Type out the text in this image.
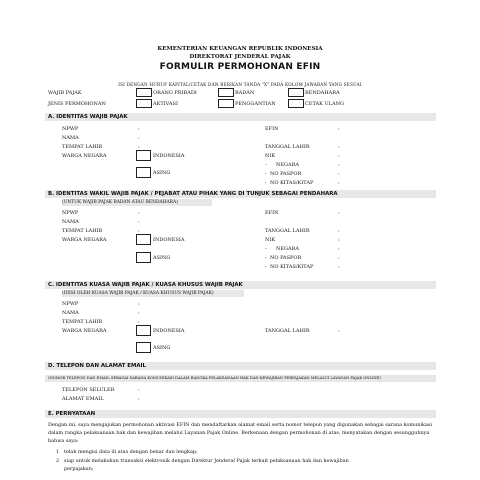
KEMENTERIAN KEUANGAN REPUBLIK INDONESIA
DIREKTORAT JENDERAL PAJAK
FORMULIR PERMOHONAN EFIN
ISI DENGAN HURUF KAPITAL/CETAK DAN BERIKAN TANDA "X" PADA KOLOM JAWABAN YANG SESUAI
WAJIB PAJAK	ORANG PRIBADI	BADAN	BENDAHARA
JENIS PERMOHONAN	AKTIVASI	PENGGANTIAN	CETAK ULANG
A. IDENTITAS WAJIB PAJAK
NPWP	:	EFIN	:
NAMA	:
TEMPAT LAHIR	:	TANGGAL LAHIR	:
WARGA NEGARA	INDONESIA	NIK	:
- NEGARA	:
ASING	- NO PASPOR	:
- NO KITAS/KITAP	:
B. IDENTITAS WAKIL WAJIB PAJAK / PEJABAT ATAU PIHAK YANG DI TUNJUK SEBAGAI PENDAHARA
(UNTUK WAJIB PAJAK BADAN ATAU BENDAHARA)
NPWP	:	EFIN	:
NAMA	:
TEMPAT LAHIR	:	TANGGAL LAHIR	:
WARGA NEGARA	INDONESIA	NIK	:
- NEGARA	:
ASING	- NO PASPOR	:
- NO KITAS/KITAP	:
C. IDENTITAS KUASA WAJIB PAJAK / KUASA KHUSUS WAJIB PAJAK
(DIISI OLEH KUASA WAJIB PAJAK / KUASA KHUSUS WAJIB PAJAK)
NPWP	:
NAMA	:
TEMPAT LAHIR	:
WARGA NEGARA	INDONESIA	TANGGAL LAHIR	:
ASING
D. TELEPON DAN ALAMAT EMAIL
(NOMOR TELEPON DAN EMAIL SEBAGAI SARANA KOMUNIKASI DALAM RANGKA PELAKSANAAN HAK DAN KEWAJIBAN PERPAJAKAN MELALUI LAYANAN PAJAK ONLINE)
TELEPON SELULER	:
ALAMAT EMAIL	:
E. PERNYATAAN
Dengan ini, saya mengajukan permohonan aktivasi EFIN dan mendaftarkan alamat email serta nomor telepon yang digunakan sebagai sarana komunikasi dalam rangka pelaksanaan hak dan kewajiban melalui Layanan Pajak Online. Berkenaan dengan permohonan di atas, menyatakan dengan sesungguhnya bahwa saya:
1 telah mengisi data di atas dengan benar dan lengkap;
2 siap untuk melakukan transaksi elektronik dengan Direktur Jenderal Pajak terkait pelaksanaan hak dan kewajiban
perpajakan;
